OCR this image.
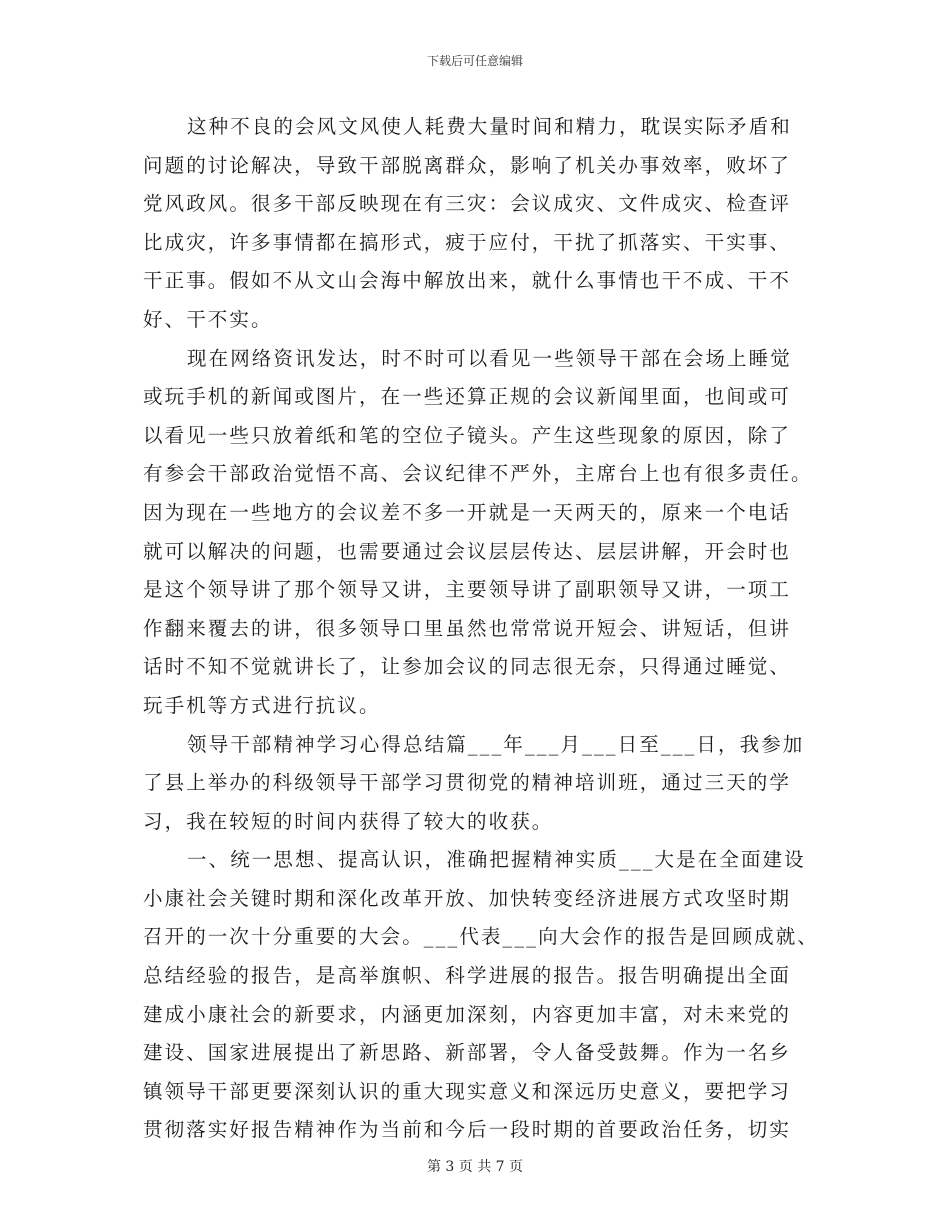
下载后可任意编辑

这种不良的会风文风使人耗费大量时间和精力，耽误实际矛盾和
问题的讨论解决，导致干部脱离群众，影响了机关办事效率，败坏了
党风政风。很多干部反映现在有三灾：会议成灾、文件成灾、检查评
比成灾，许多事情都在搞形式，疲于应付，干扰了抓落实、干实事、
干正事。假如不从文山会海中解放出来，就什么事情也干不成、干不
好、干不实。

现在网络资讯发达，时不时可以看见一些领导干部在会场上睡觉
或玩手机的新闻或图片，在一些还算正规的会议新闻里面，也间或可
以看见一些只放着纸和笔的空位子镜头。产生这些现象的原因，除了
有参会干部政治觉悟不高、会议纪律不严外，主席台上也有很多责任。
因为现在一些地方的会议差不多一开就是一天两天的，原来一个电话
就可以解决的问题，也需要通过会议层层传达、层层讲解，开会时也
是这个领导讲了那个领导又讲，主要领导讲了副职领导又讲，一项工
作翻来覆去的讲，很多领导口里虽然也常常说开短会、讲短话，但讲
话时不知不觉就讲长了，让参加会议的同志很无奈，只得通过睡觉、
玩手机等方式进行抗议。

领导干部精神学习心得总结篇___年___月___日至___日，我参加
了县上举办的科级领导干部学习贯彻党的精神培训班，通过三天的学
习，我在较短的时间内获得了较大的收获。

一、统一思想、提高认识，准确把握精神实质___大是在全面建设
小康社会关键时期和深化改革开放、加快转变经济进展方式攻坚时期
召开的一次十分重要的大会。___代表___向大会作的报告是回顾成就、
总结经验的报告，是高举旗帜、科学进展的报告。报告明确提出全面
建成小康社会的新要求，内涵更加深刻，内容更加丰富，对未来党的
建设、国家进展提出了新思路、新部署，令人备受鼓舞。作为一名乡
镇领导干部更要深刻认识的重大现实意义和深远历史意义，要把学习
贯彻落实好报告精神作为当前和今后一段时期的首要政治任务，切实

第 3 页 共 7 页
